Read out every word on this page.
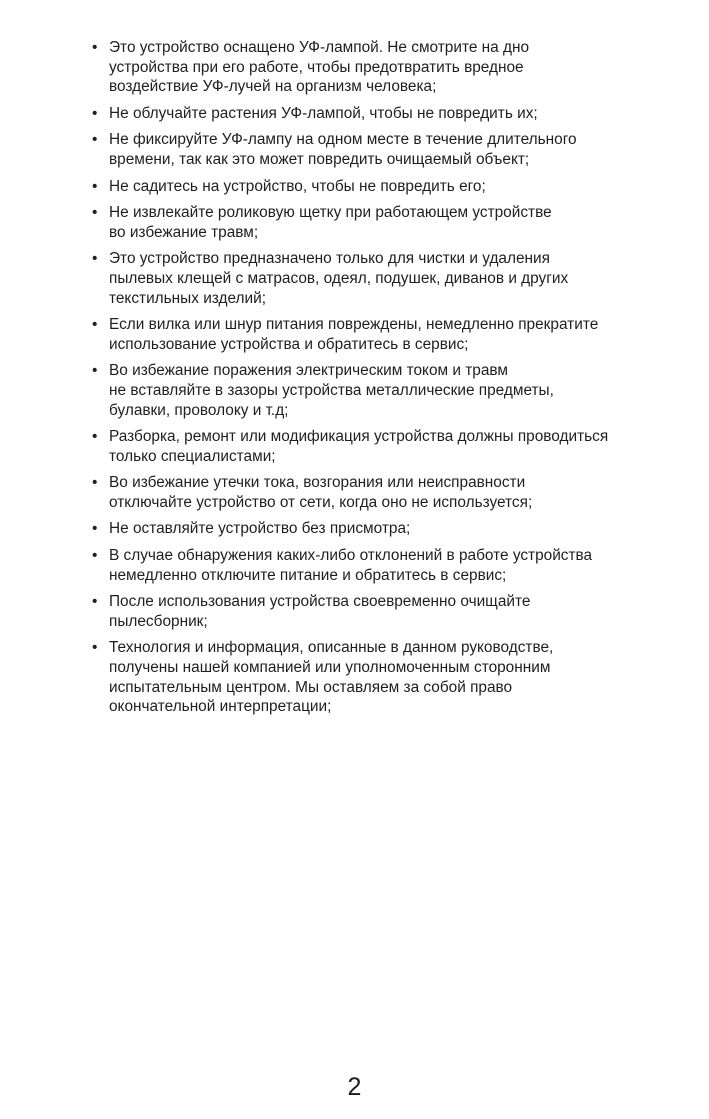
• Это устройство оснащено УФ-лампой. Не смотрите на дно
устройства при его работе, чтобы предотвратить вредное
воздействие УФ-лучей на организм человека;
• Не облучайте растения УФ-лампой, чтобы не повредить их;
• Не фиксируйте УФ-лампу на одном месте в течение длительного
времени, так как это может повредить очищаемый объект;
• Не садитесь на устройство, чтобы не повредить его;
• Не извлекайте роликовую щетку при работающем устройстве
во избежание травм;
• Это устройство предназначено только для чистки и удаления
пылевых клещей с матрасов, одеял, подушек, диванов и других
текстильных изделий;
• Если вилка или шнур питания повреждены, немедленно прекратите
использование устройства и обратитесь в сервис;
• Во избежание поражения электрическим током и травм
не вставляйте в зазоры устройства металлические предметы,
булавки, проволоку и т.д;
• Разборка, ремонт или модификация устройства должны проводиться
только специалистами;
• Во избежание утечки тока, возгорания или неисправности
отключайте устройство от сети, когда оно не используется;
• Не оставляйте устройство без присмотра;
• В случае обнаружения каких-либо отклонений в работе устройства
немедленно отключите питание и обратитесь в сервис;
• После использования устройства своевременно очищайте
пылесборник;
• Технология и информация, описанные в данном руководстве,
получены нашей компанией или уполномоченным сторонним
испытательным центром. Мы оставляем за собой право
окончательной интерпретации;
2
